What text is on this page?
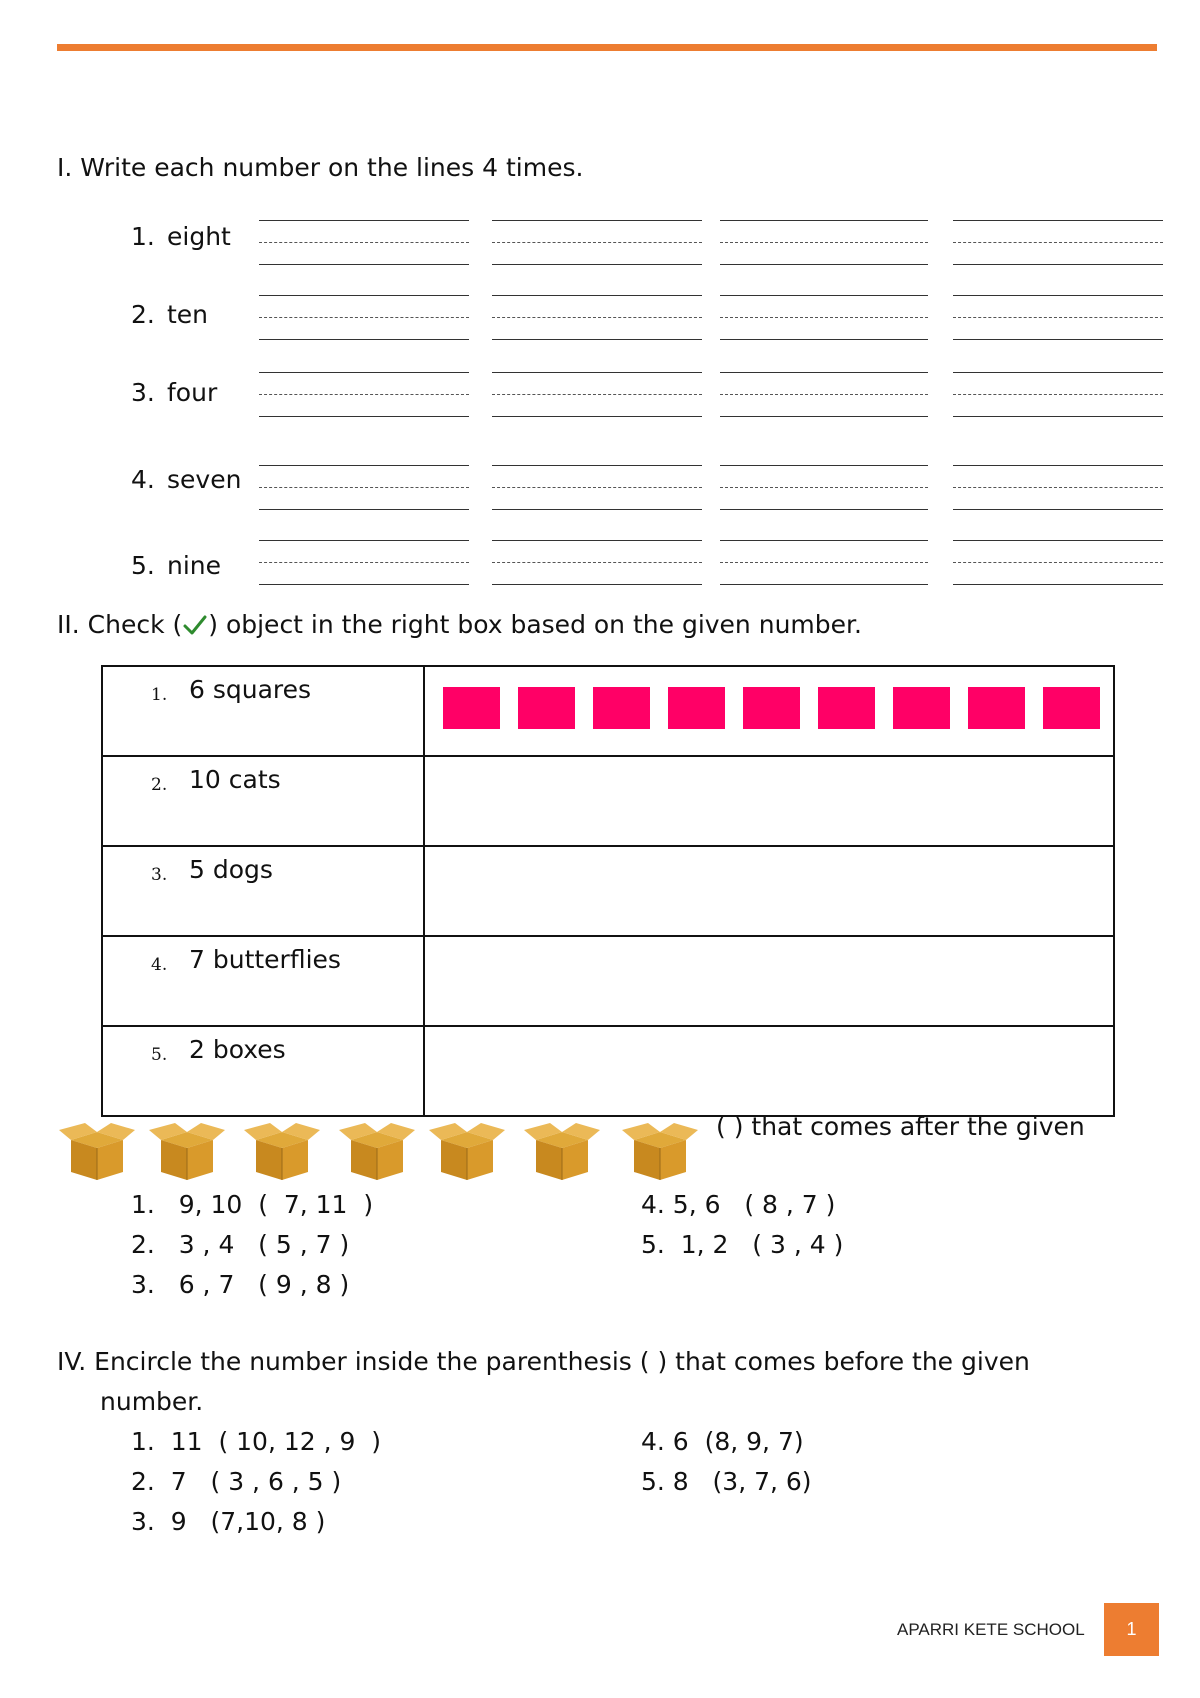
I. Write each number on the lines 4 times.
1. eight
2. ten
3. four
4. seven
5. nine
II. Check ( ) object in the right box based on the given number.
1. 6 squares	

2. 10 cats	

3. 5 dogs	

4. 7 butterflies	

5. 2 boxes	

( ) that comes after the given
1.   9, 10  (  7, 11  )
2.   3 , 4   ( 5 , 7 )
3.   6 , 7   ( 9 , 8 )
4. 5, 6   ( 8 , 7 )
5.  1, 2   ( 3 , 4 )
IV. Encircle the number inside the parenthesis ( ) that comes before the given
number.
1.  11  ( 10, 12 , 9  )
2.  7   ( 3 , 6 , 5 )
3.  9   (7,10, 8 )
4. 6  (8, 9, 7)
5. 8   (3, 7, 6)
APARRI KETE SCHOOL	1
